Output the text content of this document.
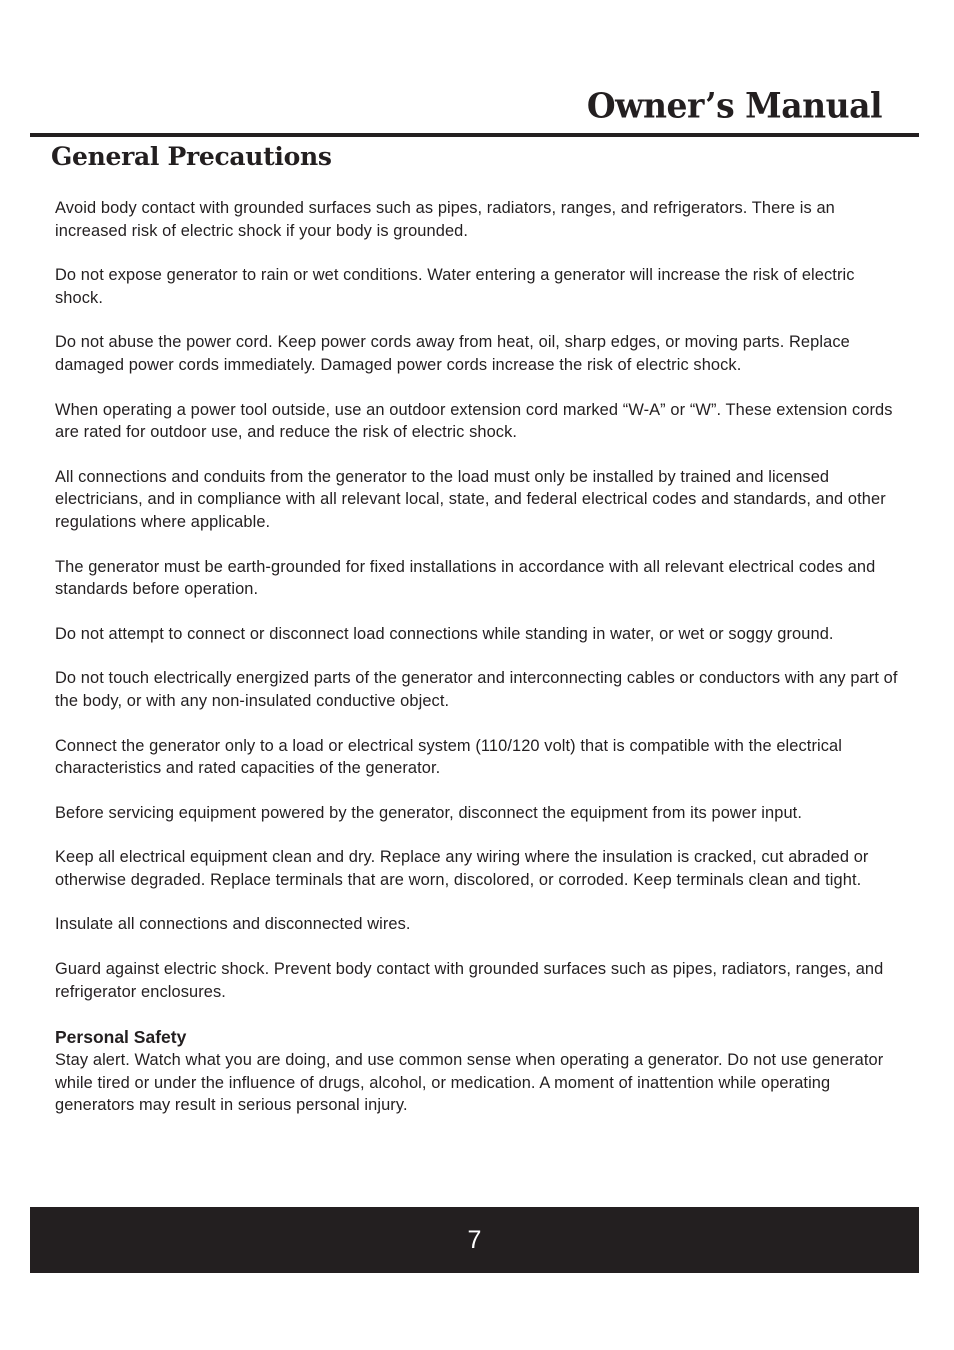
Owner’s Manual
General Precautions

Avoid body contact with grounded surfaces such as pipes, radiators, ranges, and refrigerators. There is an increased risk of electric shock if your body is grounded.

Do not expose generator to rain or wet conditions. Water entering a generator will increase the risk of electric shock.

Do not abuse the power cord. Keep power cords away from heat, oil, sharp edges, or moving parts. Replace damaged power cords immediately. Damaged power cords increase the risk of electric shock.

When operating a power tool outside, use an outdoor extension cord marked “W-A” or “W”. These extension cords are rated for outdoor use, and reduce the risk of electric shock.

All connections and conduits from the generator to the load must only be installed by trained and licensed electricians, and in compliance with all relevant local, state, and federal electrical codes and standards, and other regulations where applicable.

The generator must be earth-grounded for fixed installations in accordance with all relevant electrical codes and standards before operation.

Do not attempt to connect or disconnect load connections while standing in water, or wet or soggy ground.

Do not touch electrically energized parts of the generator and interconnecting cables or conductors with any part of the body, or with any non-insulated conductive object.

Connect the generator only to a load or electrical system (110/120 volt) that is compatible with the electrical characteristics and rated capacities of the generator.

Before servicing equipment powered by the generator, disconnect the equipment from its power input.

Keep all electrical equipment clean and dry. Replace any wiring where the insulation is cracked, cut abraded or otherwise degraded. Replace terminals that are worn, discolored, or corroded. Keep terminals clean and tight.

Insulate all connections and disconnected wires.

Guard against electric shock. Prevent body contact with grounded surfaces such as pipes, radiators, ranges, and refrigerator enclosures.

Personal Safety

Stay alert. Watch what you are doing, and use common sense when operating a generator. Do not use generator while tired or under the influence of drugs, alcohol, or medication. A moment of inattention while operating generators may result in serious personal injury.

7
